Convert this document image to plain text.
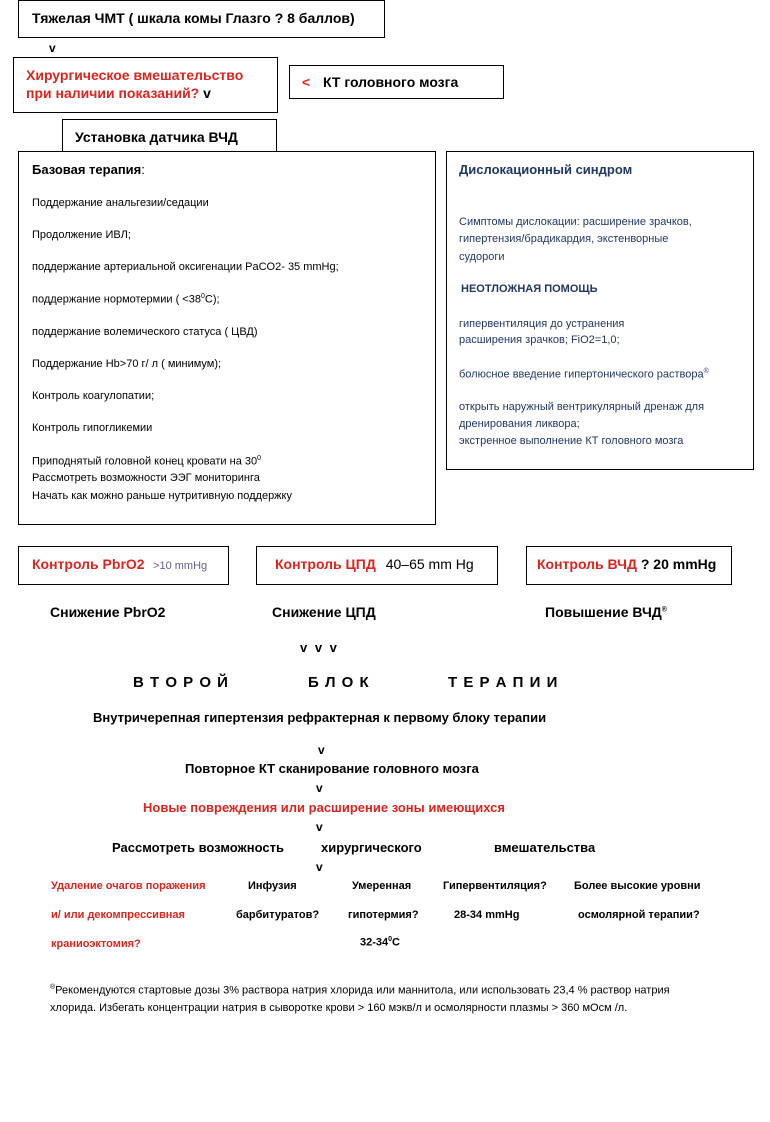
Тяжелая ЧМТ ( шкала комы Глазго ? 8 баллов)
v
Хирургическое вмешательство
при наличии показаний? v
< КТ головного мозга
Установка датчика ВЧД
Базовая терапия:
Поддержание анальгезии/седации
Продолжение ИВЛ;
поддержание артериальной оксигенации PaCO2- 35 mmHg;
поддержание нормотермии ( $<38^0С$);
поддержание волемического статуса ( ЦВД)
Поддержание Hb>70 г/ л ( минимум);
Контроль коагулопатии;
Контроль гипогликемии
Приподнятый головной конец кровати на $30^0$
Рассмотреть возможности ЭЭГ мониторинга
Начать как можно раньше нутритивную поддержку
Дислокационный синдром
Симптомы дислокации: расширение зрачков,
гипертензия/брадикардия, экстенворные
судороги
НЕОТЛОЖНАЯ ПОМОЩЬ
гипервентиляция до устранения
расширения зрачков; FiO2=1,0;
болюсное введение гипертонического раствора®
открыть наружный вентрикулярный дренаж для
дренирования ликвора;
экстренное выполнение КТ головного мозга
Контроль PbrO2 >10 mmHg	Контроль ЦПД 40–65 mm Hg	Контроль ВЧД ? 20 mmHg
Снижение PbrO2	Снижение ЦПД	Повышение ВЧД®
v v v
В Т О Р О Й	Б Л О К	Т Е Р А П И И
Внутричерепная гипертензия рефрактерная к первому блоку терапии
v
Повторное КТ сканирование головного мозга
v
Новые повреждения или расширение зоны имеющихся
v
Рассмотреть возможность	хирургического	вмешательства
v
Удаление очагов поражения
и/ или декомпрессивная
краниоэктомия?
Инфузия
барбитуратов?
Умеренная
гипотермия?
$32-34^0С$
Гипервентиляция?
28-34 mmHg
Более высокие уровни
осмолярной терапии?
®Рекомендуются стартовые дозы 3% раствора натрия хлорида или маннитола, или использовать 23,4 % раствор натрия
хлорида. Избегать концентрации натрия в сыворотке крови > 160 мэкв/л и осмолярности плазмы > 360 мОсм /л.
